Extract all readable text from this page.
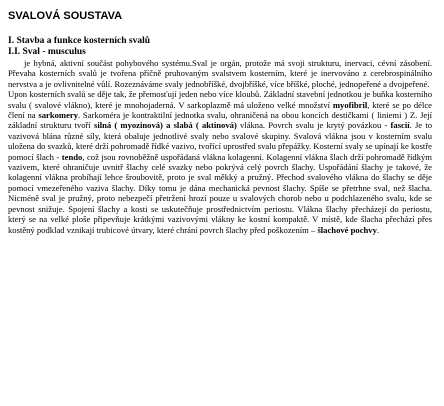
SVALOVÁ SOUSTAVA
I. Stavba a funkce kosterních svalů
I.I. Sval - musculus

je hybná, aktivní součást pohybového systému.Sval je orgán, protože má svoji strukturu, inervaci, cévní zásobení. Převaha kosterních svalů je tvořena příčně pruhovaným svalstvem kosterním, které je inervováno z cerebrospinálního nervstva a je ovlivnitelné vůlí. Rozeznáváme svaly jednobříšké, dvojbříšké, více bříšké, ploché, jednopeřené a dvojpeřené.

Upon kosterních svalů se děje tak, že přemosťují jeden nebo více kloubů. Základní stavební jednotkou je buňka kosterního svalu ( svalové vlákno), které je mnohojaderná. V sarkoplazmě má uloženo velké množství myofibril, které se po délce člení na sarkomery. Sarkoméra je kontraktilní jednotka svalu, ohraničená na obou koncích destičkami ( liniemi ) Z. Její základní strukturu tvoří silná ( myozinová) a slabá ( aktinová) vlákna. Povrch svalu je krytý povázkou - fascií. Je to vazivová blána různé síly, která obaluje jednotlivé svaly nebo svalové skupiny. Svalová vlákna jsou v kosterním svalu uložena do svazků, které drží pohromadě řídké vazivo, tvořící uprostřed svalu přepážky. Kosterní svaly se upínají ke kostře pomocí šlach - tendo, což jsou rovnoběžně uspořádaná vlákna kolagenní. Kolagenní vlákna šlach drží pohromadě řídkým vazivem, které ohraničuje uvnitř šlachy celé svazky nebo pokrývá celý povrch šlachy. Uspořádání šlachy je takové, že kolagenní vlákna probíhají lehce šroubovitě, proto je sval měkký a pružný. Přechod svalového vlákna do šlachy se děje pomocí vmezeřeného vaziva šlachy. Díky tomu je dána mechanická pevnost šlachy. Spíše se přetrhne sval, než šlacha. Nicméně sval je pružný, proto nebezpečí přetržení hrozí pouze u svalových chorob nebo u podchlazeného svalu, kde se pevnost snižuje. Spojení šlachy a kosti se uskutečňuje prostřednictvím periostu. Vlákna šlachy přecházejí do periostu, který se na velké ploše připevňuje krátkými vazivovými vlákny ke kostní kompaktě. V místě, kde šlacha přechází přes kostěný podklad vznikají trubicové útvary, které chrání povrch šlachy před poškozením – šlachové pochvy.
